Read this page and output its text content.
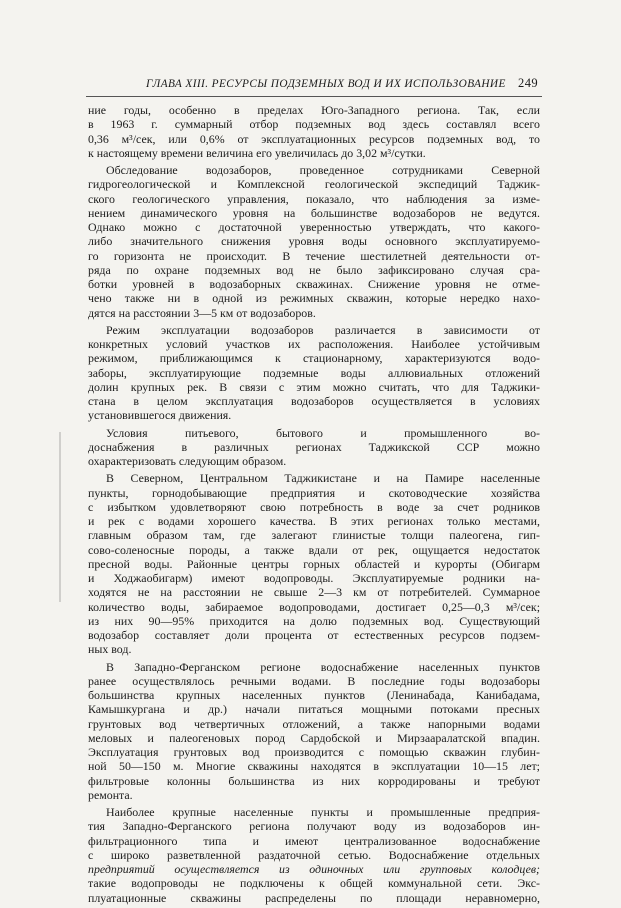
ГЛАВА XIII. РЕСУРСЫ ПОДЗЕМНЫХ ВОД И ИХ ИСПОЛЬЗОВАНИЕ 249
ние годы, особенно в пределах Юго-Западного региона. Так, если
в 1963 г. суммарный отбор подземных вод здесь составлял всего
0,36 м³/сек, или 0,6% от эксплуатационных ресурсов подземных вод, то
к настоящему времени величина его увеличилась до 3,02 м³/сутки.
Обследование водозаборов, проведенное сотрудниками Северной
гидрогеологической и Комплексной геологической экспедиций Таджик-
ского геологического управления, показало, что наблюдения за изме-
нением динамического уровня на большинстве водозаборов не ведутся.
Однако можно с достаточной уверенностью утверждать, что какого-
либо значительного снижения уровня воды основного эксплуатируемо-
го горизонта не происходит. В течение шестилетней деятельности от-
ряда по охране подземных вод не было зафиксировано случая сра-
ботки уровней в водозаборных скважинах. Снижение уровня не отме-
чено также ни в одной из режимных скважин, которые нередко нахо-
дятся на расстоянии 3—5 км от водозаборов.
Режим эксплуатации водозаборов различается в зависимости от
конкретных условий участков их расположения. Наиболее устойчивым
режимом, приближающимся к стационарному, характеризуются водо-
заборы, эксплуатирующие подземные воды аллювиальных отложений
долин крупных рек. В связи с этим можно считать, что для Таджики-
стана в целом эксплуатация водозаборов осуществляется в условиях
установившегося движения.
Условия питьевого, бытового и промышленного во-
доснабжения в различных регионах Таджикской ССР можно
охарактеризовать следующим образом.
В Северном, Центральном Таджикистане и на Памире населенные
пункты, горнодобывающие предприятия и скотоводческие хозяйства
с избытком удовлетворяют свою потребность в воде за счет родников
и рек с водами хорошего качества. В этих регионах только местами,
главным образом там, где залегают глинистые толщи палеогена, гип-
сово-соленосные породы, а также вдали от рек, ощущается недостаток
пресной воды. Районные центры горных областей и курорты (Обигарм
и Ходжаобигарм) имеют водопроводы. Эксплуатируемые родники на-
ходятся не на расстоянии не свыше 2—3 км от потребителей. Суммарное
количество воды, забираемое водопроводами, достигает 0,25—0,3 м³/сек;
из них 90—95% приходится на долю подземных вод. Существующий
водозабор составляет доли процента от естественных ресурсов подзем-
ных вод.
В Западно-Ферганском регионе водоснабжение населенных пунктов
ранее осуществлялось речными водами. В последние годы водозаборы
большинства крупных населенных пунктов (Ленинабада, Канибадама,
Камышкургана и др.) начали питаться мощными потоками пресных
грунтовых вод четвертичных отложений, а также напорными водами
меловых и палеогеновых пород Сардобской и Мирзааралатской впадин.
Эксплуатация грунтовых вод производится с помощью скважин глубин-
ной 50—150 м. Многие скважины находятся в эксплуатации 10—15 лет;
фильтровые колонны большинства из них корродированы и требуют
ремонта.
Наиболее крупные населенные пункты и промышленные предприя-
тия Западно-Ферганского региона получают воду из водозаборов ин-
фильтрационного типа и имеют централизованное водоснабжение
с широко разветвленной раздаточной сетью. Водоснабжение отдельных
предприятий осуществляется из одиночных или групповых колодцев;
такие водопроводы не подключены к общей коммунальной сети. Экс-
плуатационные скважины распределены по площади неравномерно,
